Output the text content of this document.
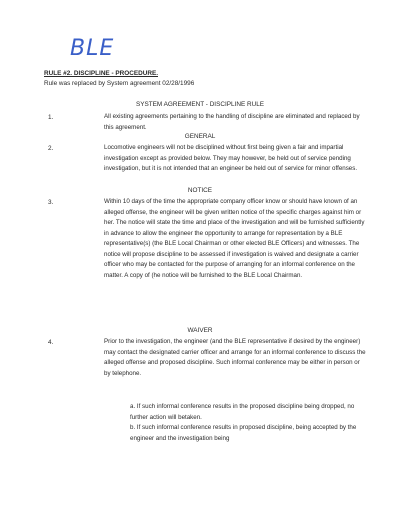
BLE
RULE #2. DISCIPLINE - PROCEDURE.
Rule was replaced by System agreement 02/28/1996
SYSTEM AGREEMENT - DISCIPLINE RULE
1.	All existing agreements pertaining to the handling of discipline are eliminated and replaced by this agreement.
GENERAL
2.	Locomotive engineers will not be disciplined without first being given a fair and impartial investigation except as provided below. They may however, be held out of service pending investigation, but it is not intended that an engineer be held out of service for minor offenses.
NOTICE
3.	Within 10 days of the time the appropriate company officer know or should have known of an alleged offense, the engineer will be given written notice of the specific charges against him or her. The notice will state the time and place of the investigation and will be furnished sufficiently in advance to allow the engineer the opportunity to arrange for representation by a BLE representative(s) (the BLE Local Chairman or other elected BLE Officers) and witnesses. The notice will propose discipline to be assessed if investigation is waived and designate a carrier officer who may be contacted for the purpose of arranging for an informal conference on the matter. A copy of (he notice will be furnished to the BLE Local Chairman.
WAIVER
4.	Prior to the investigation, the engineer (and the BLE representative if desired by the engineer) may contact the designated carrier officer and arrange for an informal conference to discuss the alleged offense and proposed discipline. Such informal conference may be either in person or by telephone.

a. If such informal conference results in the proposed discipline being dropped, no further action will betaken.

b. If such informal conference results in proposed discipline, being accepted by the engineer and the investigation being
